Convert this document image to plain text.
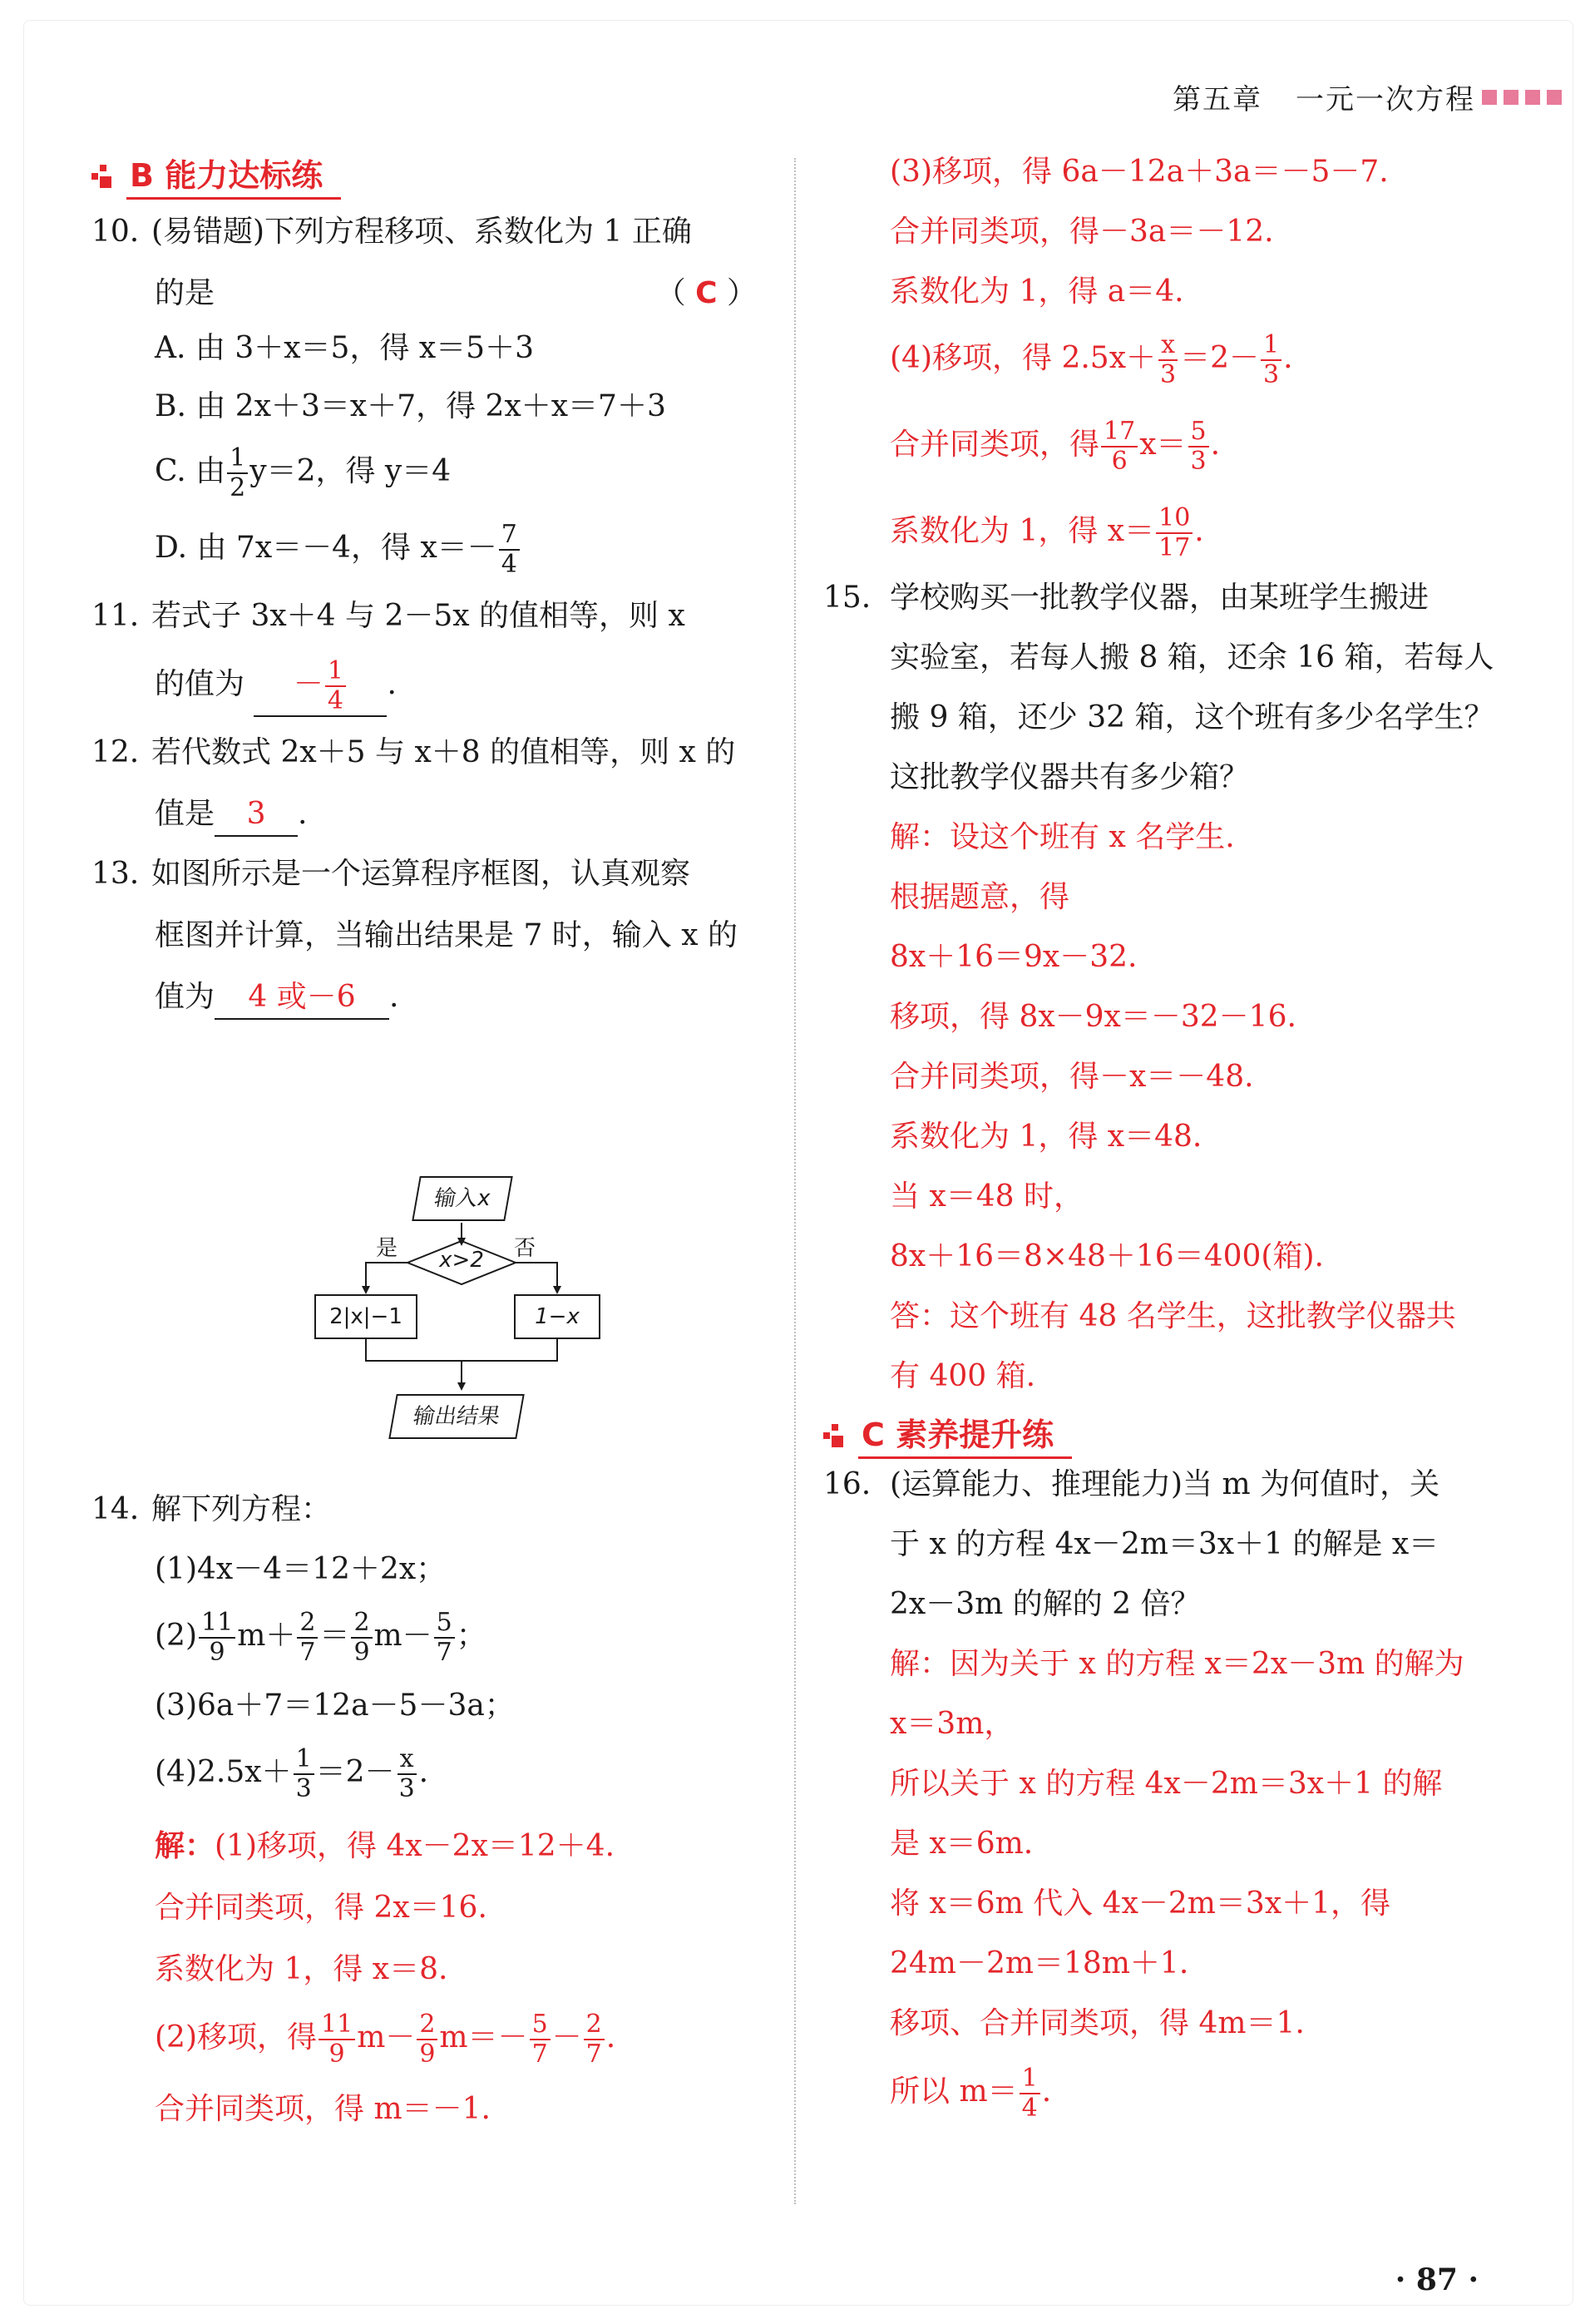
第五章 一元一次方程
B 能力达标练

10. (易错题)下列方程移项、系数化为 1 正确

的是	（ C ）

A. 由 3＋x＝5，得 x＝5＋3

B. 由 2x＋3＝x＋7，得 2x＋x＝7＋3

C. 由 $\frac{1}{2} y=2$，得 y＝4

D. 由 7x＝－4，得 $x=- \frac{7}{4}$

11. 若式子 3x＋4 与 2－5x 的值相等，则 x

的值为 － $\frac{1}{4}$ .

12. 若代数式 2x＋5 与 x＋8 的值相等，则 x 的

值是 3 .

13. 如图所示是一个运算程序框图，认真观察

框图并计算，当输出结果是 7 时，输入 x 的

值为 4 或－6 .

14. 解下列方程：

(1)4x－4＝12＋2x；

$(2) \frac{11}{9} m+ \frac{2}{7} = \frac{2}{9} m- \frac{5}{7}$ ；

(3)6a＋7＝12a－5－3a；

$(4)2.5x+ \frac{1}{3} =2- \frac{x}{3}$ .

解：(1)移项，得 4x－2x＝12＋4.

合并同类项，得 2x＝16.

系数化为 1，得 x＝8.

(2)移项，得 $\frac{11}{9} m- \frac{2}{9} m=- \frac{5}{7} - \frac{2}{7}$ .

合并同类项，得 m＝－1.

输入x
x>2
是	否
2|x|−1	1−x
输出结果

(3)移项，得 6a－12a＋3a＝－5－7.

合并同类项，得－3a＝－12.

系数化为 1，得 a＝4.

(4)移项，得 $2.5x+ \frac{x}{3} =2- \frac{1}{3}$ .

合并同类项，得 $\frac{17}{6} x= \frac{5}{3}$ .

系数化为 1，得 $x= \frac{10}{17}$ .

15. 学校购买一批教学仪器，由某班学生搬进

实验室，若每人搬 8 箱，还余 16 箱，若每人

搬 9 箱，还少 32 箱，这个班有多少名学生？

这批教学仪器共有多少箱？

解：设这个班有 x 名学生.

根据题意，得

8x＋16＝9x－32.

移项，得 8x－9x＝－32－16.

合并同类项，得－x＝－48.

系数化为 1，得 x＝48.

当 x＝48 时，

8x＋16＝8×48＋16＝400(箱).

答：这个班有 48 名学生，这批教学仪器共

有 400 箱.

C 素养提升练

16. (运算能力、推理能力)当 m 为何值时，关

于 x 的方程 4x－2m＝3x＋1 的解是 x＝

2x－3m 的解的 2 倍？

解：因为关于 x 的方程 x＝2x－3m 的解为

x＝3m，

所以关于 x 的方程 4x－2m＝3x＋1 的解

是 x＝6m.

将 x＝6m 代入 4x－2m＝3x＋1，得

24m－2m＝18m＋1.

移项、合并同类项，得 4m＝1.

所以 $m= \frac{1}{4}$ .

· 87 ·
